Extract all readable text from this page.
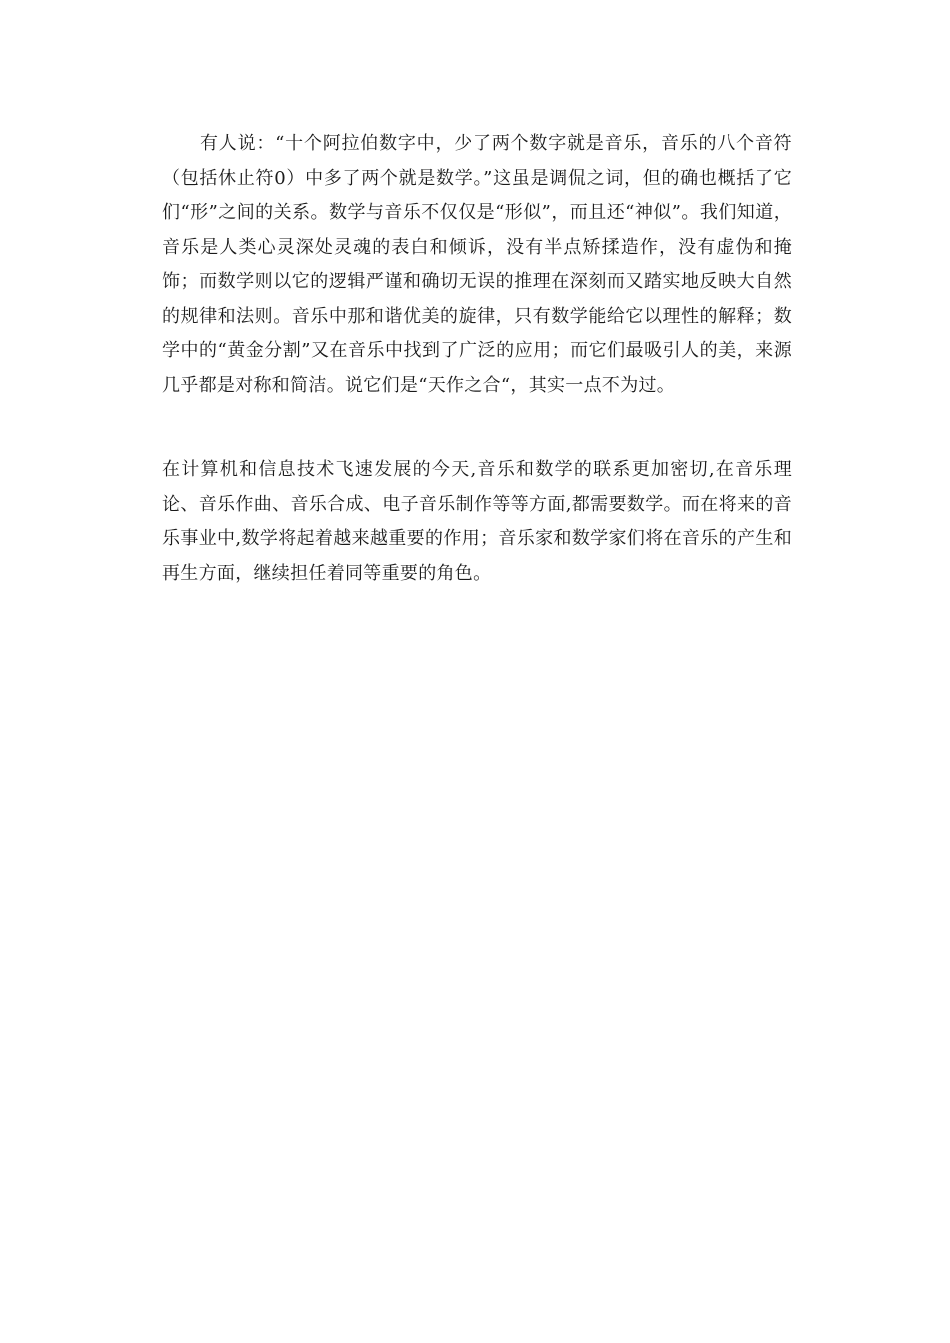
有人说：“十个阿拉伯数字中，少了两个数字就是音乐，音乐的八个音符（包括休止符0）中多了两个就是数学。”这虽是调侃之词，但的确也概括了它们“形”之间的关系。数学与音乐不仅仅是“形似”，而且还“神似”。我们知道，音乐是人类心灵深处灵魂的表白和倾诉，没有半点矫揉造作，没有虚伪和掩饰；而数学则以它的逻辑严谨和确切无误的推理在深刻而又踏实地反映大自然的规律和法则。音乐中那和谐优美的旋律，只有数学能给它以理性的解释；数学中的“黄金分割”又在音乐中找到了广泛的应用；而它们最吸引人的美，来源几乎都是对称和简洁。说它们是“天作之合“，其实一点不为过。

在计算机和信息技术飞速发展的今天,音乐和数学的联系更加密切,在音乐理论、音乐作曲、音乐合成、电子音乐制作等等方面,都需要数学。而在将来的音乐事业中,数学将起着越来越重要的作用；音乐家和数学家们将在音乐的产生和再生方面，继续担任着同等重要的角色。
